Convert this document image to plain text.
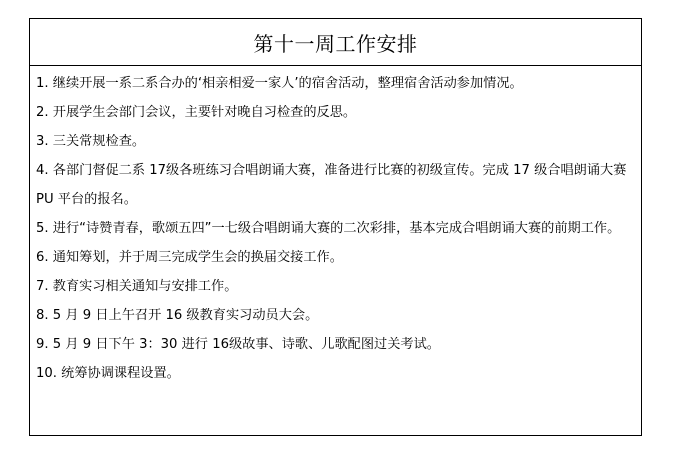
第十一周工作安排

1. 继续开展一系二系合办的‘相亲相爱一家人’的宿舍活动，整理宿舍活动参加情况。

2. 开展学生会部门会议，主要针对晚自习检查的反思。

3. 三关常规检查。

4. 各部门督促二系 17级各班练习合唱朗诵大赛，准备进行比赛的初级宣传。完成 17 级合唱朗诵大赛 PU 平台的报名。

5. 进行“诗赞青春，歌颂五四”一七级合唱朗诵大赛的二次彩排，基本完成合唱朗诵大赛的前期工作。

6. 通知筹划，并于周三完成学生会的换届交接工作。

7. 教育实习相关通知与安排工作。

8. 5 月 9 日上午召开 16 级教育实习动员大会。

9. 5 月 9 日下午 3：30 进行 16级故事、诗歌、儿歌配图过关考试。

10. 统筹协调课程设置。
